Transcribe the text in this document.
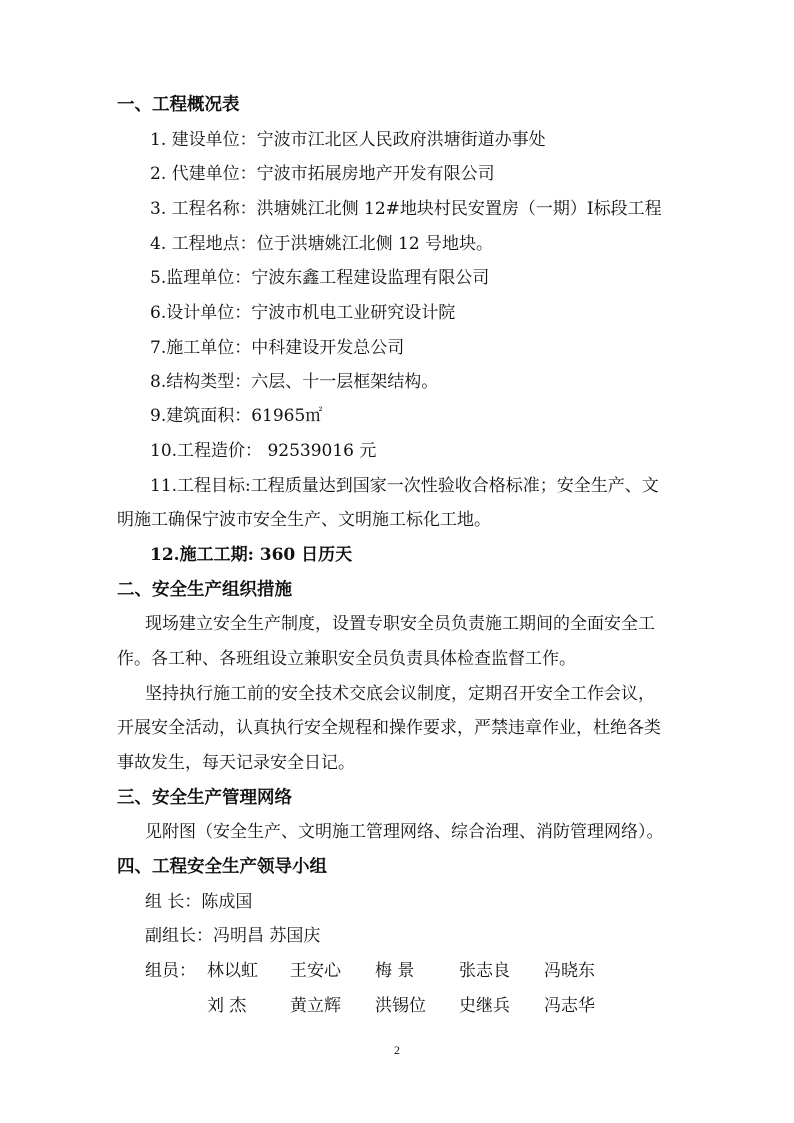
一、工程概况表
1. 建设单位：宁波市江北区人民政府洪塘街道办事处
2. 代建单位：宁波市拓展房地产开发有限公司
3. 工程名称：洪塘姚江北侧 12#地块村民安置房（一期）Ⅰ标段工程
4. 工程地点：位于洪塘姚江北侧 12 号地块。
5.监理单位：宁波东鑫工程建设监理有限公司
6.设计单位：宁波市机电工业研究设计院
7.施工单位：中科建设开发总公司
8.结构类型：六层、十一层框架结构。
9.建筑面积：61965㎡
10.工程造价： 92539016 元
11.工程目标:工程质量达到国家一次性验收合格标准；安全生产、文
明施工确保宁波市安全生产、文明施工标化工地。
12.施工工期: 360 日历天
二、安全生产组织措施
现场建立安全生产制度，设置专职安全员负责施工期间的全面安全工
作。各工种、各班组设立兼职安全员负责具体检查监督工作。
坚持执行施工前的安全技术交底会议制度，定期召开安全工作会议，
开展安全活动，认真执行安全规程和操作要求，严禁违章作业，杜绝各类
事故发生，每天记录安全日记。
三、安全生产管理网络
见附图（安全生产、文明施工管理网络、综合治理、消防管理网络）。
四、工程安全生产领导小组
组 长：陈成国
副组长：冯明昌 苏国庆
组员： 林以虹 王安心 梅 景	张志良 冯晓东
刘 杰	黄立辉 洪锡位 史继兵 冯志华
2
